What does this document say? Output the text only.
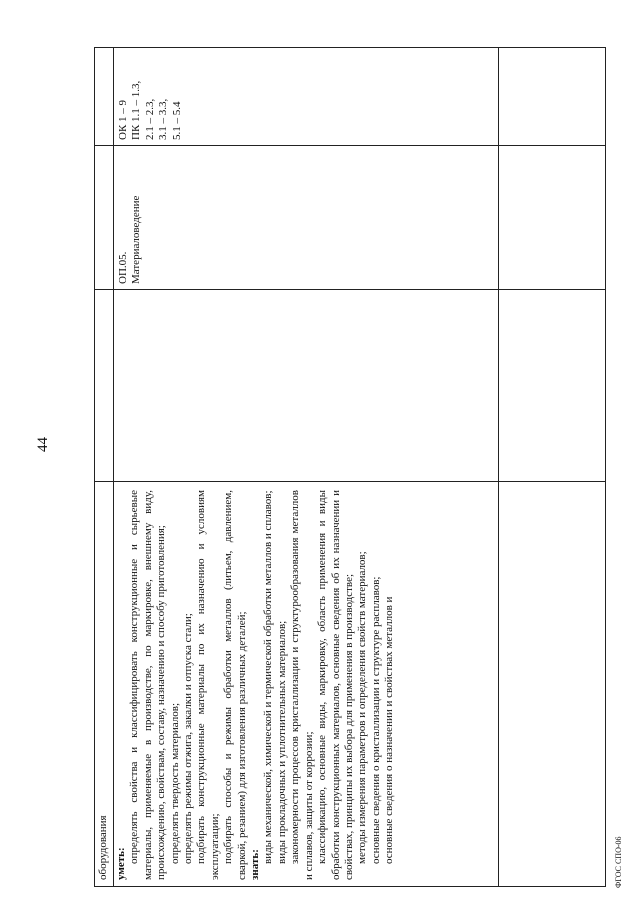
44
оборудования уметь: определять свойства и классифицировать конструкционные и сырьевые материалы, применяемые в производстве, по маркировке, внешнему виду, происхождению, свойствам, составу, назначению и способу приготовления; определять твердость материалов; определять режимы отжига, закалки и отпуска стали; подбирать конструкционные материалы по их назначению и условиям эксплуатации; подбирать способы и режимы обработки металлов (литьем, давлением, сваркой, резанием) для изготовления различных деталей; знать:
виды механической, химической и термической обработки металлов и сплавов; виды прокладочных и уплотнительных материалов; закономерности процессов кристаллизации и структурообразования металлов и сплавов, защиты от коррозии; классификацию, основные виды, маркировку, область применения и виды обработки конструкционных материалов, основные сведения об их назначении и свойствах, принципы их выбора для применения в производстве; методы измерения параметров и определения свойств материалов; основные сведения о кристаллизации и структуре расплавов; основные сведения о назначении и свойствах металлов и
ОП.05. Материаловедение
ОК 1 – 9 ПК 1.1 – 1.3, 2.1 – 2.3, 3.1 – 3.3, 5.1 – 5.4
ФГОС СПО-06
